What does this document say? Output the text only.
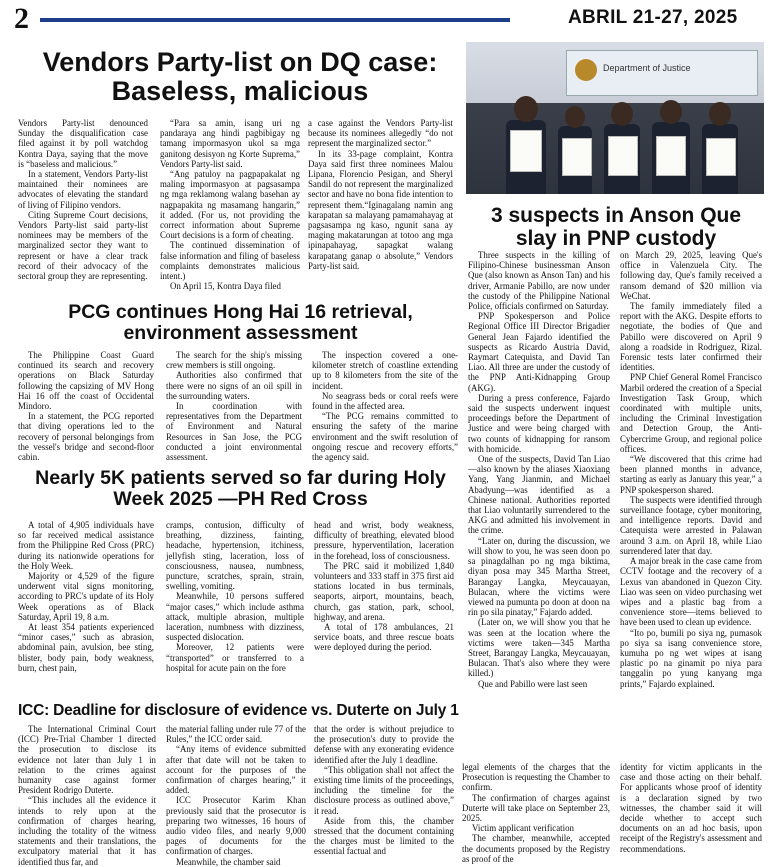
2	ABRIL 21-27, 2025
Vendors Party-list on DQ case: Baseless, malicious

Vendors Party-list denounced Sunday the disqualification case filed against it by poll watchdog Kontra Daya, saying that the move is “baseless and malicious.”

In a statement, Vendors Party-list maintained their nominees are advocates of elevating the standard of living of Filipino vendors.

Citing Supreme Court decisions, Vendors Party-list said party-list nominees may be members of the marginalized sector they want to represent or have a clear track record of their advocacy of the sectoral group they are representing.

“Para sa amin, isang uri ng pandaraya ang hindi pagbibigay ng tamang impormasyon ukol sa mga ganitong desisyon ng Korte Suprema,” Vendors Party-list said.

“Ang patuloy na pagpapakalat ng maling impormasyon at pagsasampa ng mga reklamong walang basehan ay nagpapakita ng masamang hangarin,” it added. (For us, not providing the correct information about Supreme Court decisions is a form of cheating.

The continued dissemination of false information and filing of baseless complaints demonstrates malicious intent.)

On April 15, Kontra Daya filed

a case against the Vendors Party-list because its nominees allegedly “do not represent the marginalized sector.”

In its 33-page complaint, Kontra Daya said first three nominees Malou Lipana, Florencio Pesigan, and Sheryl Sandil do not represent the marginalized sector and have no bona fide intention to represent them.“Iginagalang namin ang karapatan sa malayang pamamahayag at pagsasampa ng kaso, ngunit sana ay maging makatarungan at totoo ang mga ipinapahayag, sapagkat walang karapatang ganap o absolute,” Vendors Party-list said.

Department of Justice
3 suspects in Anson Que slay in PNP custody
PCG continues Hong Hai 16 retrieval, environment assessment

The Philippine Coast Guard continued its search and recovery operations on Black Saturday following the capsizing of MV Hong Hai 16 off the coast of Occidental Mindoro.

In a statement, the PCG reported that diving operations led to the recovery of personal belongings from the vessel's bridge and second-floor cabin.

The search for the ship's missing crew members is still ongoing.

Authorities also confirmed that there were no signs of an oil spill in the surrounding waters.

In coordination with representatives from the Department of Environment and Natural Resources in San Jose, the PCG conducted a joint environmental assessment.

The inspection covered a one-kilometer stretch of coastline extending up to 8 kilometers from the site of the incident.

No seagrass beds or coral reefs were found in the affected area.

“The PCG remains committed to ensuring the safety of the marine environment and the swift resolution of ongoing rescue and recovery efforts,” the agency said.

Nearly 5K patients served so far during Holy Week 2025 —PH Red Cross

A total of 4,905 individuals have so far received medical assistance from the Philippine Red Cross (PRC) during its nationwide operations for the Holy Week.

Majority or 4,529 of the figure underwent vital signs monitoring, according to PRC's update of its Holy Week operations as of Black Saturday, April 19, 8 a.m.

At least 354 patients experienced “minor cases,” such as abrasion, abdominal pain, avulsion, bee sting, blister, body pain, body weakness, burn, chest pain,

cramps, contusion, difficulty of breathing, dizziness, fainting, headache, hypertension, itchiness, jellyfish sting, laceration, loss of consciousness, nausea, numbness, puncture, scratches, sprain, strain, swelling, vomiting.

Meanwhile, 10 persons suffered “major cases,” which include asthma attack, multiple abrasion, multiple laceration, numbness with dizziness, suspected dislocation.

Moreover, 12 patients were “transported” or transferred to a hospital for acute pain on the fore

head and wrist, body weakness, difficulty of breathing, elevated blood pressure, hyperventilation, laceration in the forehead, loss of consciousness.

The PRC said it mobilized 1,840 volunteers and 333 staff in 375 first aid stations located in bus terminals, seaports, airport, mountains, beach, church, gas station, park, school, highway, and arena.

A total of 178 ambulances, 21 service boats, and three rescue boats were deployed during the period.

Three suspects in the killing of Filipino-Chinese businessman Anson Que (also known as Anson Tan) and his driver, Armanie Pabillo, are now under the custody of the Philippine National Police, officials confirmed on Saturday.

PNP Spokesperson and Police Regional Office III Director Brigadier General Jean Fajardo identified the suspects as Ricardo Austria David, Raymart Catequista, and David Tan Liao. All three are under the custody of the PNP Anti-Kidnapping Group (AKG).

During a press conference, Fajardo said the suspects underwent inquest proceedings before the Department of Justice and were being charged with two counts of kidnapping for ransom with homicide.

One of the suspects, David Tan Liao—also known by the aliases Xiaoxiang Yang, Yang Jianmin, and Michael Abadyung—was identified as a Chinese national. Authorities reported that Liao voluntarily surrendered to the AKG and admitted his involvement in the crime.

“Later on, during the discussion, we will show to you, he was seen doon po sa pinagdalhan po ng mga biktima, diyan posa may 345 Martha Street, Barangay Langka, Meycauayan, Bulacan, where the victims were viewed na pumunta po doon at doon na rin po sila pinatay,” Fajardo added.

(Later on, we will show you that he was seen at the location where the victims were taken—345 Martha Street, Barangay Langka, Meycauayan, Bulacan. That's also where they were killed.)

Que and Pabillo were last seen

on March 29, 2025, leaving Que's office in Valenzuela City. The following day, Que's family received a ransom demand of $20 million via WeChat.

The family immediately filed a report with the AKG. Despite efforts to negotiate, the bodies of Que and Pabillo were discovered on April 9 along a roadside in Rodriguez, Rizal. Forensic tests later confirmed their identities.

PNP Chief General Romel Francisco Marbil ordered the creation of a Special Investigation Task Group, which coordinated with multiple units, including the Criminal Investigation and Detection Group, the Anti-Cybercrime Group, and regional police offices.

“We discovered that this crime had been planned months in advance, starting as early as January this year,” a PNP spokesperson shared.

The suspects were identified through surveillance footage, cyber monitoring, and intelligence reports. David and Catequista were arrested in Palawan around 3 a.m. on April 18, while Liao surrendered later that day.

A major break in the case came from CCTV footage and the recovery of a Lexus van abandoned in Quezon City. Liao was seen on video purchasing wet wipes and a plastic bag from a convenience store—items believed to have been used to clean up evidence.

“Ito po, bumili po siya ng, pumasok po siya sa isang convenience store, kumuha po ng wet wipes at isang plastic po na ginamit po niya para tanggalin po yung kanyang mga prints,” Fajardo explained.

ICC: Deadline for disclosure of evidence vs. Duterte on July 1

The International Criminal Court (ICC) Pre-Trial Chamber 1 directed the prosecution to disclose its evidence not later than July 1 in relation to the crimes against humanity case against former President Rodrigo Duterte.

“This includes all the evidence it intends to rely upon at the confirmation of charges hearing, including the totality of the witness statements and their translations, the exculpatory material that it has identified thus far, and

the material falling under rule 77 of the Rules,” the ICC order said.

“Any items of evidence submitted after that date will not be taken to account for the purposes of the confirmation of charges hearing,” it added.

ICC Prosecutor Karim Khan previously said that the prosecutor is preparing two witnesses, 16 hours of audio video files, and nearly 9,000 pages of documents for the confirmation of charges.

Meanwhile, the chamber said

that the order is without prejudice to the prosecution's duty to provide the defense with any exonerating evidence identified after the July 1 deadline.

“This obligation shall not affect the existing time limits of the proceedings, including the timeline for the disclosure process as outlined above,” it read.

Aside from this, the chamber stressed that the document containing the charges must be limited to the essential factual and

legal elements of the charges that the Prosecution is requesting the Chamber to confirm.

The confirmation of charges against Duterte will take place on September 23, 2025.

Victim applicant verification

The chamber, meanwhile, accepted the documents proposed by the Registry as proof of the

identity for victim applicants in the case and those acting on their behalf. For applicants whose proof of identity is a declaration signed by two witnesses, the chamber said it will decide whether to accept such documents on an ad hoc basis, upon receipt of the Registry's assessment and recommendations.
